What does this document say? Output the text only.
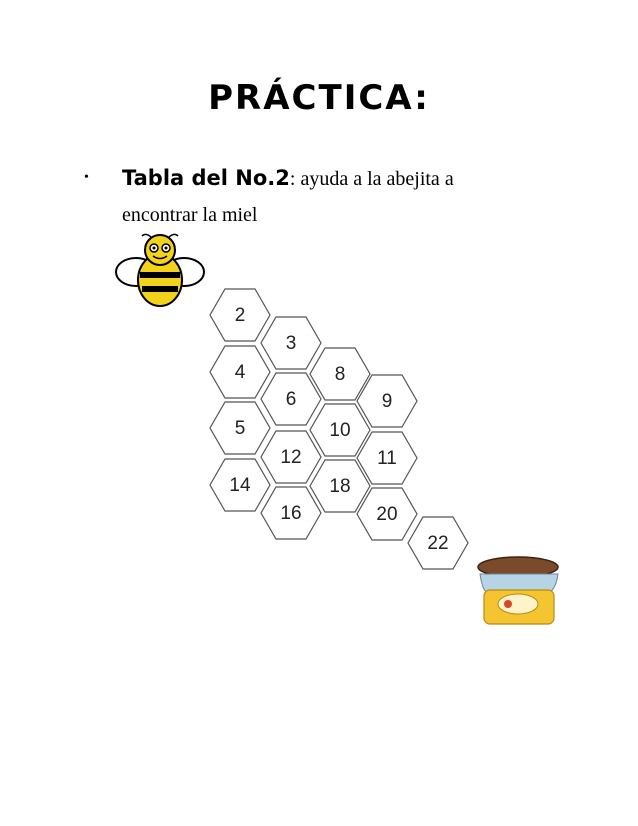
PRÁCTICA:
• Tabla del No.2: ayuda a la abejita a
encontrar la miel
2
3
4	8
6	9
5	10
12	11
14	18
16	20
22
